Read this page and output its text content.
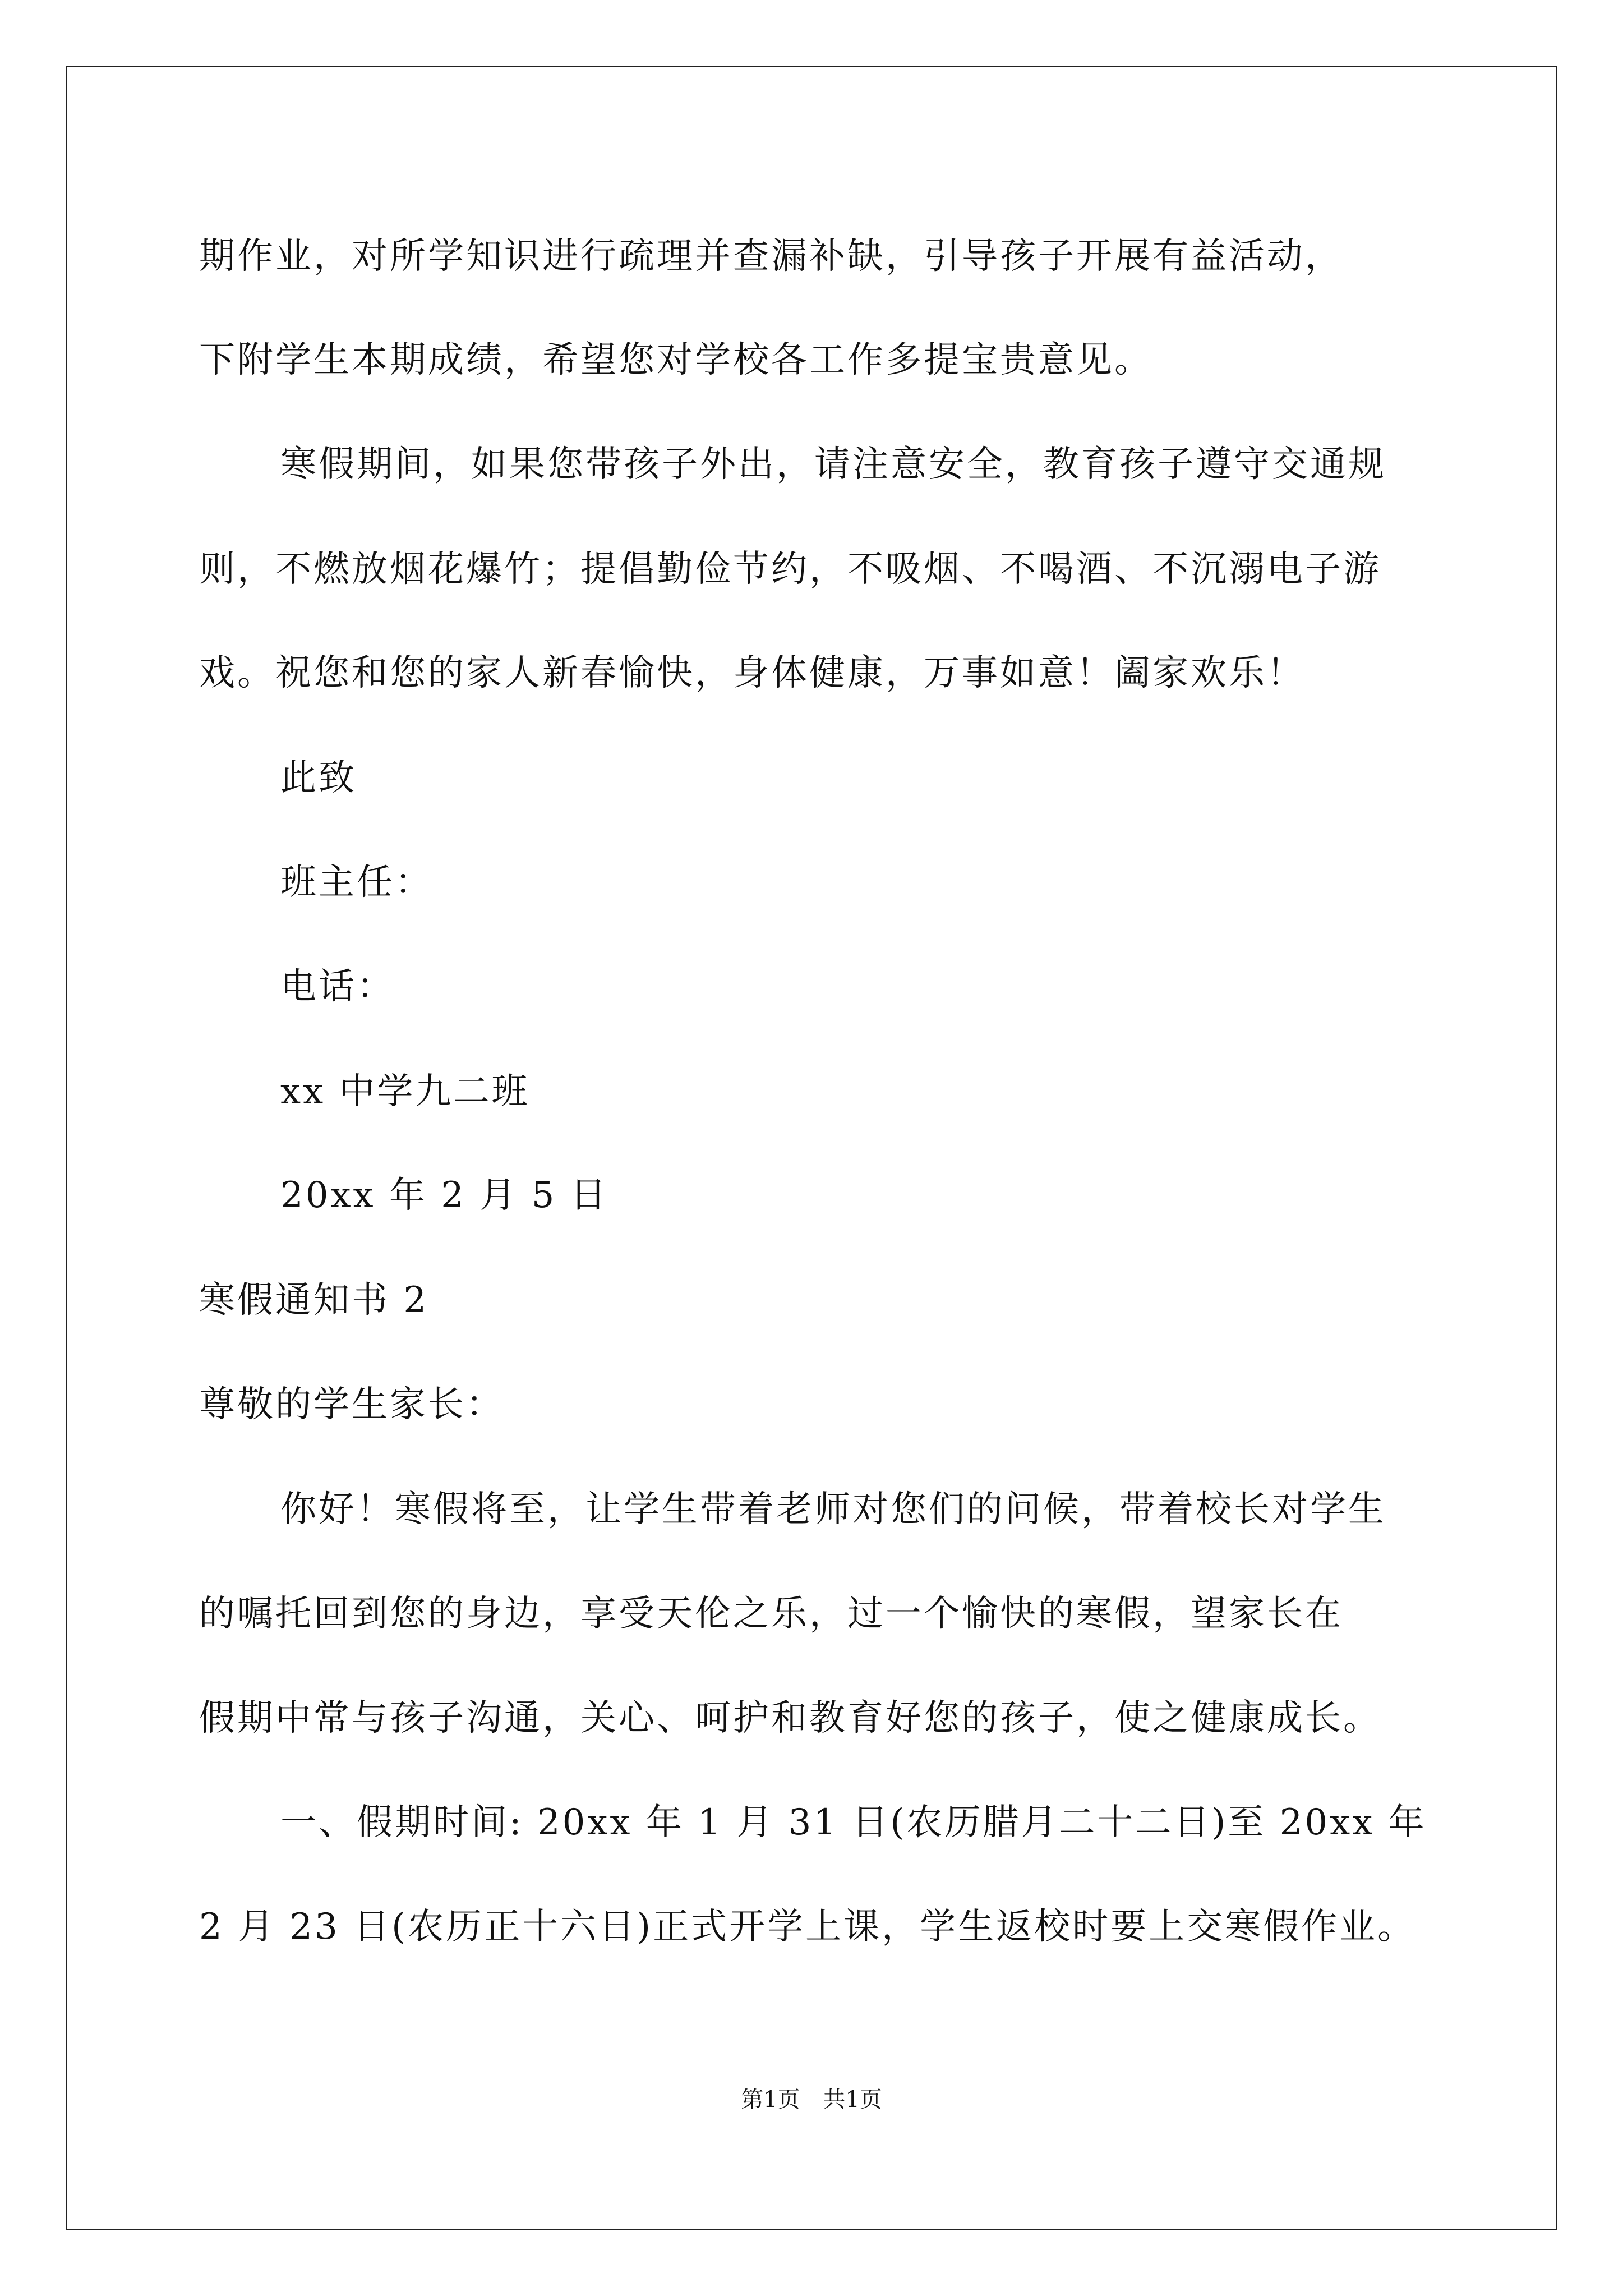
期作业，对所学知识进行疏理并查漏补缺，引导孩子开展有益活动，
下附学生本期成绩，希望您对学校各工作多提宝贵意见。
寒假期间，如果您带孩子外出，请注意安全，教育孩子遵守交通规
则，不燃放烟花爆竹；提倡勤俭节约，不吸烟、不喝酒、不沉溺电子游
戏。祝您和您的家人新春愉快，身体健康，万事如意！阖家欢乐！
此致
班主任：
电话：
xx 中学九二班
20xx 年 2 月 5 日
寒假通知书 2
尊敬的学生家长：
你好！寒假将至，让学生带着老师对您们的问候，带着校长对学生
的嘱托回到您的身边，享受天伦之乐，过一个愉快的寒假，望家长在
假期中常与孩子沟通，关心、呵护和教育好您的孩子，使之健康成长。
一、假期时间: 20xx 年 1 月 31 日(农历腊月二十二日)至 20xx 年
2 月 23 日(农历正十六日)正式开学上课，学生返校时要上交寒假作业。
第1页 共1页
